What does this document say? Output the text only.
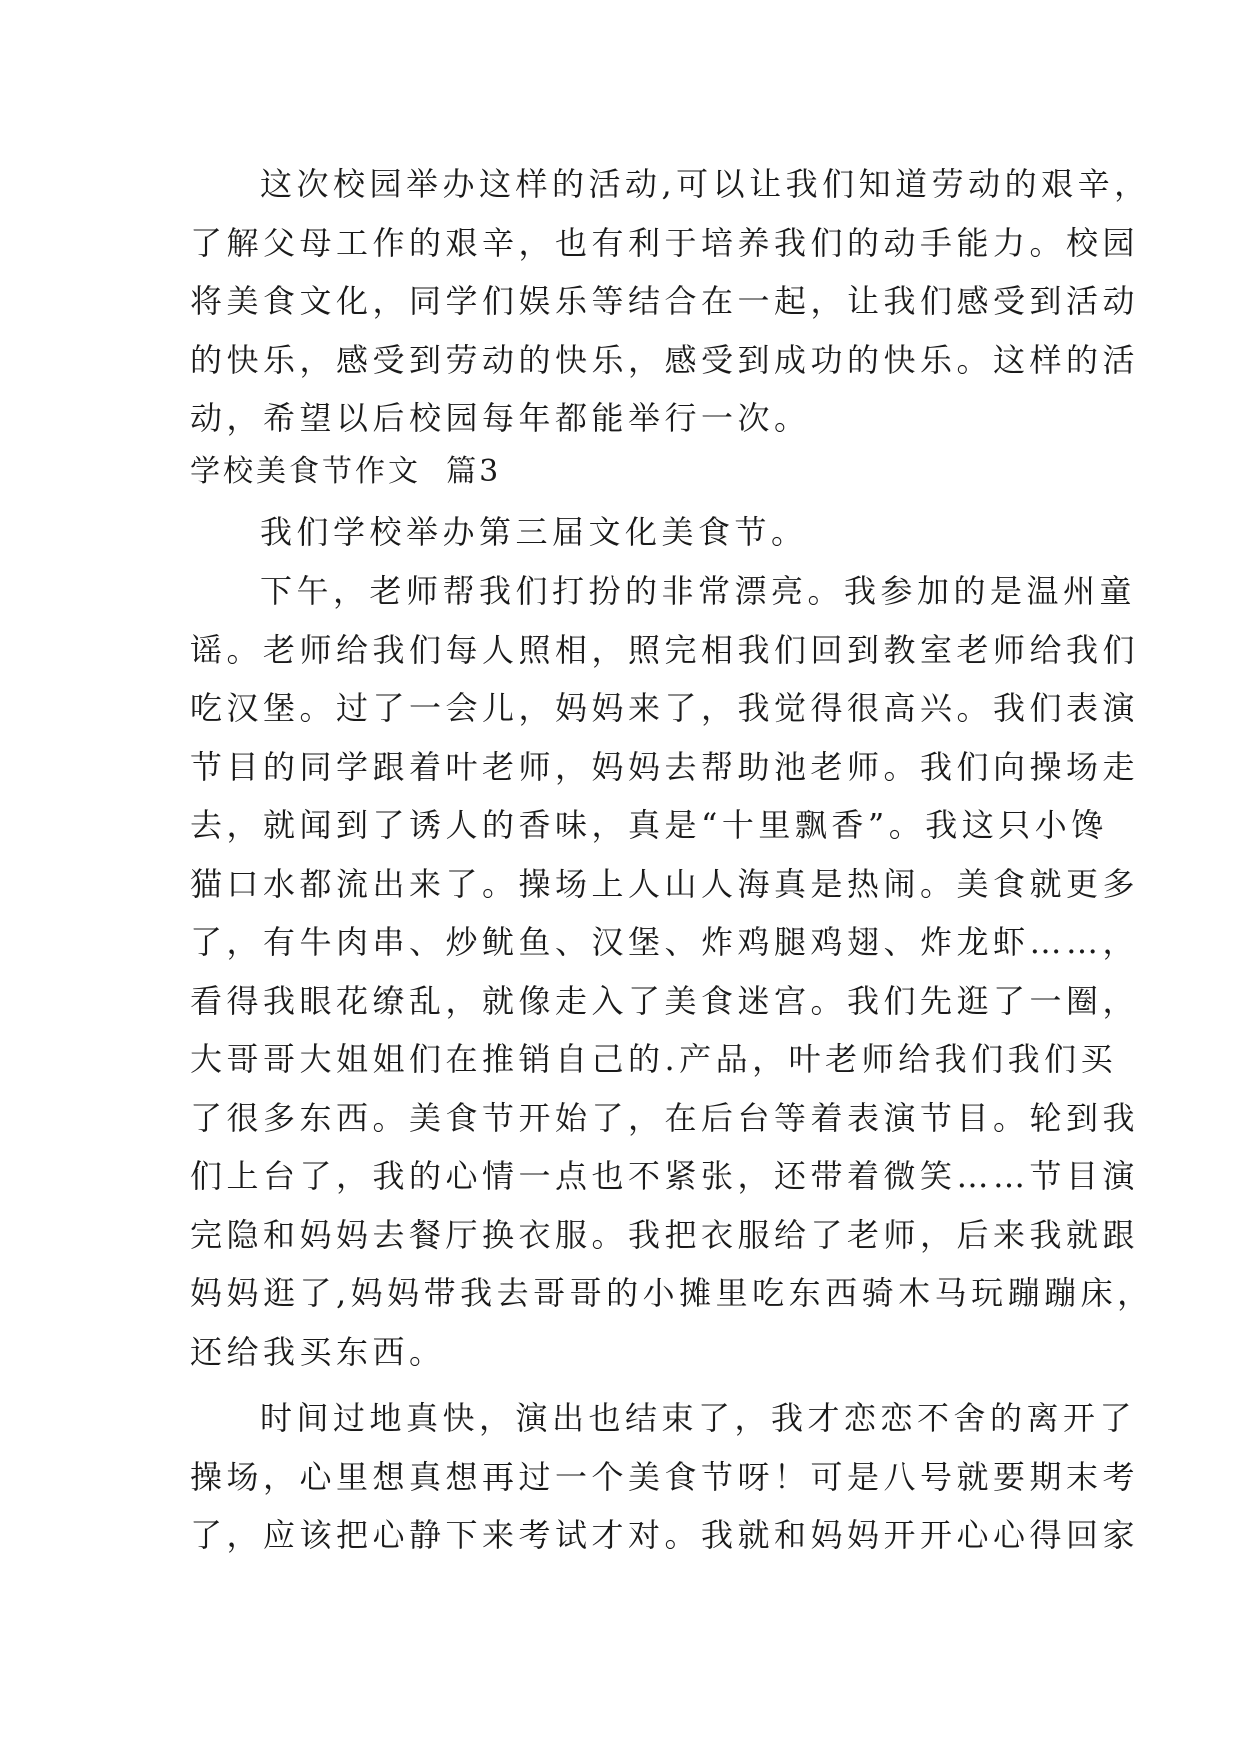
这次校园举办这样的活动,可以让我们知道劳动的艰辛，
了解父母工作的艰辛，也有利于培养我们的动手能力。校园
将美食文化，同学们娱乐等结合在一起，让我们感受到活动
的快乐，感受到劳动的快乐，感受到成功的快乐。这样的活
动，希望以后校园每年都能举行一次。
学校美食节作文  篇3
我们学校举办第三届文化美食节。
下午，老师帮我们打扮的非常漂亮。我参加的是温州童
谣。老师给我们每人照相，照完相我们回到教室老师给我们
吃汉堡。过了一会儿，妈妈来了，我觉得很高兴。我们表演
节目的同学跟着叶老师，妈妈去帮助池老师。我们向操场走
去，就闻到了诱人的香味，真是“十里飘香”。我这只小馋
猫口水都流出来了。操场上人山人海真是热闹。美食就更多
了，有牛肉串、炒鱿鱼、汉堡、炸鸡腿鸡翅、炸龙虾……，
看得我眼花缭乱，就像走入了美食迷宫。我们先逛了一圈，
大哥哥大姐姐们在推销自己的.产品，叶老师给我们我们买
了很多东西。美食节开始了，在后台等着表演节目。轮到我
们上台了，我的心情一点也不紧张，还带着微笑……节目演
完隐和妈妈去餐厅换衣服。我把衣服给了老师，后来我就跟
妈妈逛了,妈妈带我去哥哥的小摊里吃东西骑木马玩蹦蹦床，
还给我买东西。
时间过地真快，演出也结束了，我才恋恋不舍的离开了
操场，心里想真想再过一个美食节呀！可是八号就要期末考
了，应该把心静下来考试才对。我就和妈妈开开心心得回家
